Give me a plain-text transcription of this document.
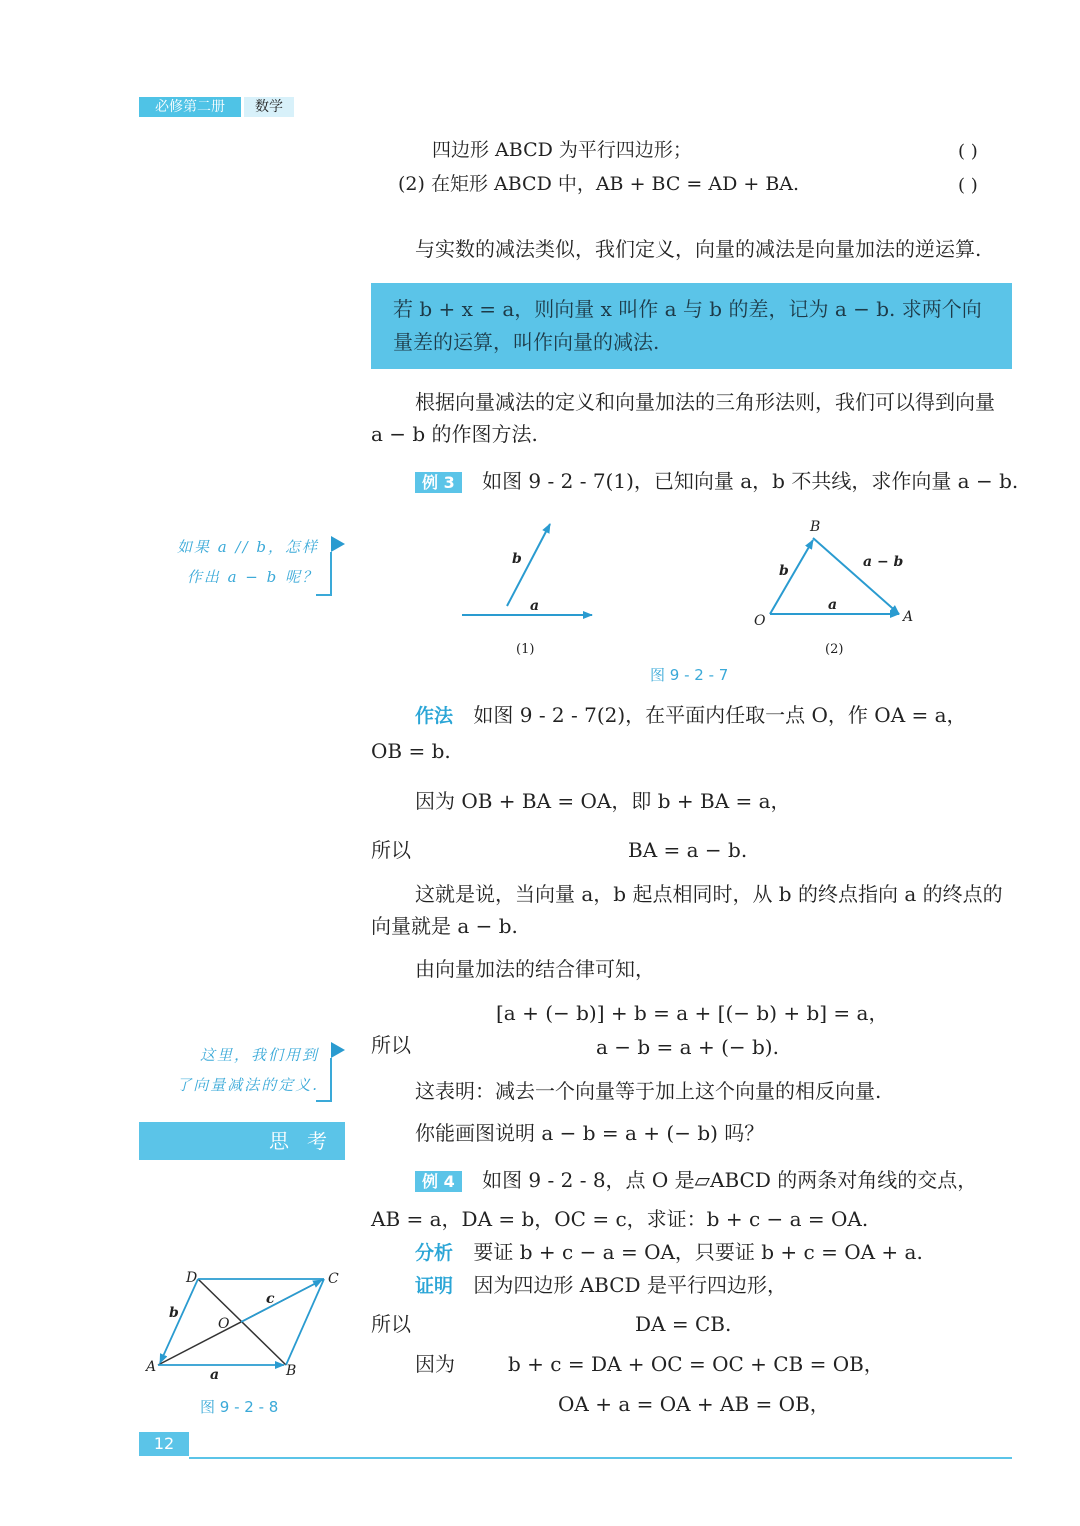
必修第二册	数学
四边形 ABCD 为平行四边形；	( )
(2) 在矩形 ABCD 中，AB + BC = AD + BA.	( )
与实数的减法类似，我们定义，向量的减法是向量加法的逆运算.
若 b + x = a，则向量 x 叫作 a 与 b 的差，记为 a − b. 求两个向量差的运算，叫作向量的减法.
根据向量减法的定义和向量加法的三角形法则，我们可以得到向量 a − b 的作图方法.
例 3 如图 9 - 2 - 7(1)，已知向量 a，b 不共线，求作向量 a − b.
如果 a // b，怎样
作出 a − b 呢？
a
b
(1)
O	A
B
a
b
a − b
(2)
图 9 - 2 - 7
作法 如图 9 - 2 - 7(2)，在平面内任取一点 O，作 OA = a，
OB = b.
因为 OB + BA = OA，即 b + BA = a，
所以	BA = a − b.
这就是说，当向量 a，b 起点相同时，从 b 的终点指向 a 的终点的向量就是 a − b.
由向量加法的结合律可知，
[a + (− b)] + b = a + [(− b) + b] = a，
所以	a − b = a + (− b).
这里，我们用到
了向量减法的定义.	这表明：减去一个向量等于加上这个向量的相反向量.
思考	你能画图说明 a − b = a + (− b) 吗？
例 4 如图 9 - 2 - 8，点 O 是▱ABCD 的两条对角线的交点，
AB = a，DA = b，OC = c，求证：b + c − a = OA.
分析 要证 b + c − a = OA，只要证 b + c = OA + a.
证明 因为四边形 ABCD 是平行四边形，
所以	DA = CB.
因为	b + c = DA + OC = OC + CB = OB，
OA + a = OA + AB = OB，
D	C
A	B
O
a
b
c
图 9 - 2 - 8
12
